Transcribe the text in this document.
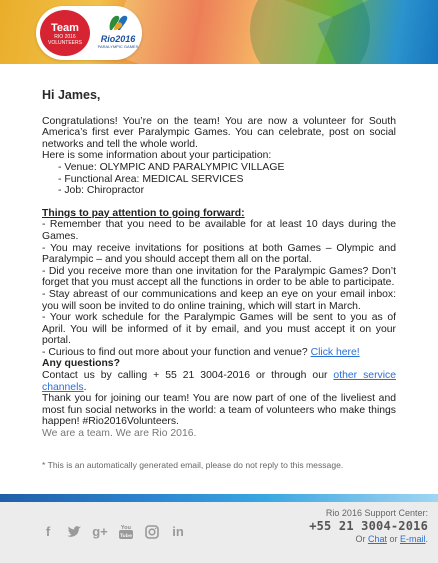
Team
RIO 2016 VOLUNTEERS	Rio2016
PARALYMPIC GAMES

Hi James,

Congratulations! You’re on the team! You are now a volunteer for South America’s first ever Paralympic Games. You can celebrate, post on social networks and tell the whole world.

Here is some information about your participation:

- Venue: OLYMPIC AND PARALYMPIC VILLAGE
- Functional Area: MEDICAL SERVICES
- Job: Chiropractor
Things to pay attention to going forward:

- Remember that you need to be available for at least 10 days during the Games.

- You may receive invitations for positions at both Games – Olympic and Paralympic – and you should accept them all on the portal.

- Did you receive more than one invitation for the Paralympic Games? Don’t forget that you must accept all the functions in order to be able to participate.

- Stay abreast of our communications and keep an eye on your email inbox: you will soon be invited to do online training, which will start in March.

- Your work schedule for the Paralympic Games will be sent to you as of April. You will be informed of it by email, and you must accept it on your portal.

- Curious to find out more about your function and venue? Click here!

Any questions?

Contact us by calling + 55 21 3004-2016 or through our other service channels.

Thank you for joining our team! You are now part of one of the liveliest and most fun social networks in the world: a team of volunteers who make things happen! #Rio2016Volunteers.

We are a team. We are Rio 2016.

* This is an automatically generated email, please do not reply to this message.
f	g+	You
Tube	in
Rio 2016 Support Center:
+55 21 3004-2016
Or Chat or E-mail.
